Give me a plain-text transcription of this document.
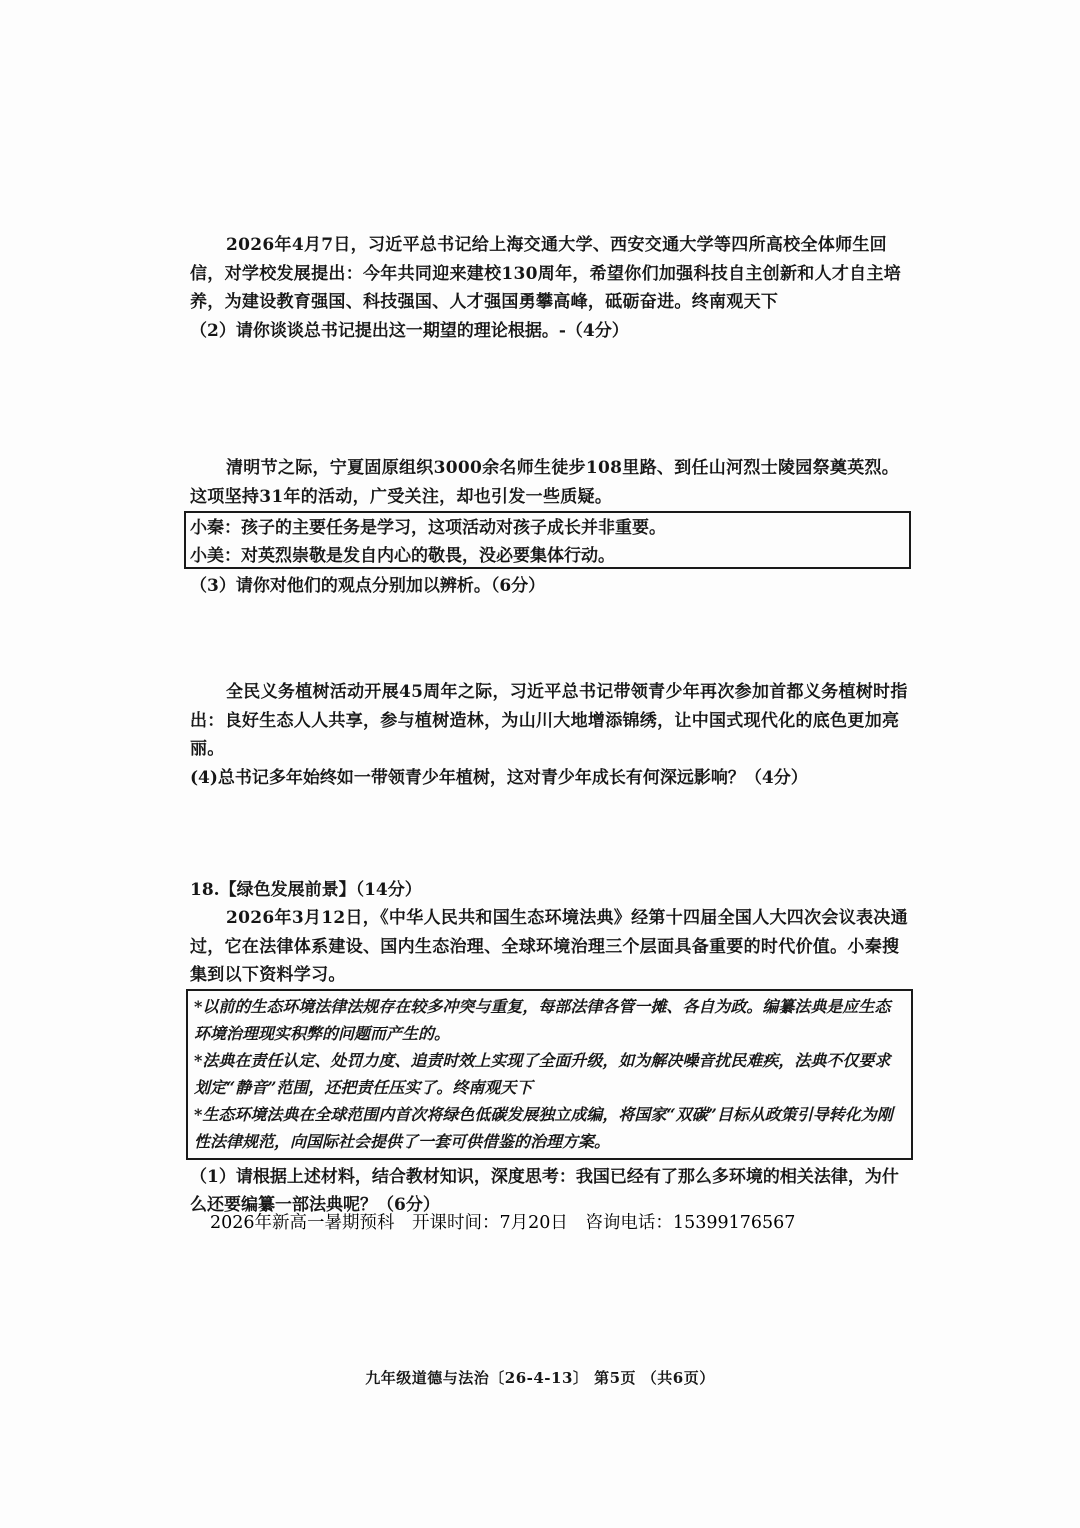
2026年4月7日，习近平总书记给上海交通大学、西安交通大学等四所高校全体师生回信，对学校发展提出：今年共同迎来建校130周年，希望你们加强科技自主创新和人才自主培养，为建设教育强国、科技强国、人才强国勇攀高峰，砥砺奋进。终南观天下

（2）请你谈谈总书记提出这一期望的理论根据。-（4分）

清明节之际，宁夏固原组织3000余名师生徒步108里路、到任山河烈士陵园祭奠英烈。这项坚持31年的活动，广受关注，却也引发一些质疑。

小秦：孩子的主要任务是学习，这项活动对孩子成长并非重要。
小美：对英烈崇敬是发自内心的敬畏，没必要集体行动。

（3）请你对他们的观点分别加以辨析。（6分）

全民义务植树活动开展45周年之际，习近平总书记带领青少年再次参加首都义务植树时指出：良好生态人人共享，参与植树造林，为山川大地增添锦绣，让中国式现代化的底色更加亮丽。

(4)总书记多年始终如一带领青少年植树，这对青少年成长有何深远影响？（4分）

18.【绿色发展前景】（14分）

2026年3月12日，《中华人民共和国生态环境法典》经第十四届全国人大四次会议表决通过，它在法律体系建设、国内生态治理、全球环境治理三个层面具备重要的时代价值。小秦搜集到以下资料学习。

*以前的生态环境法律法规存在较多冲突与重复，每部法律各管一摊、各自为政。编纂法典是应生态环境治理现实积弊的问题而产生的。
*法典在责任认定、处罚力度、追责时效上实现了全面升级，如为解决噪音扰民难疾，法典不仅要求划定“静音”范围，还把责任压实了。终南观天下
*生态环境法典在全球范围内首次将绿色低碳发展独立成编，将国家“双碳”目标从政策引导转化为刚性法律规范，向国际社会提供了一套可供借鉴的治理方案。

（1）请根据上述材料，结合教材知识，深度思考：我国已经有了那么多环境的相关法律，为什么还要编纂一部法典呢？（6分）

2026年新高一暑期预科　开课时间：7月20日　咨询电话：15399176567
九年级道德与法治〔26-4-13〕 第5页 （共6页）
